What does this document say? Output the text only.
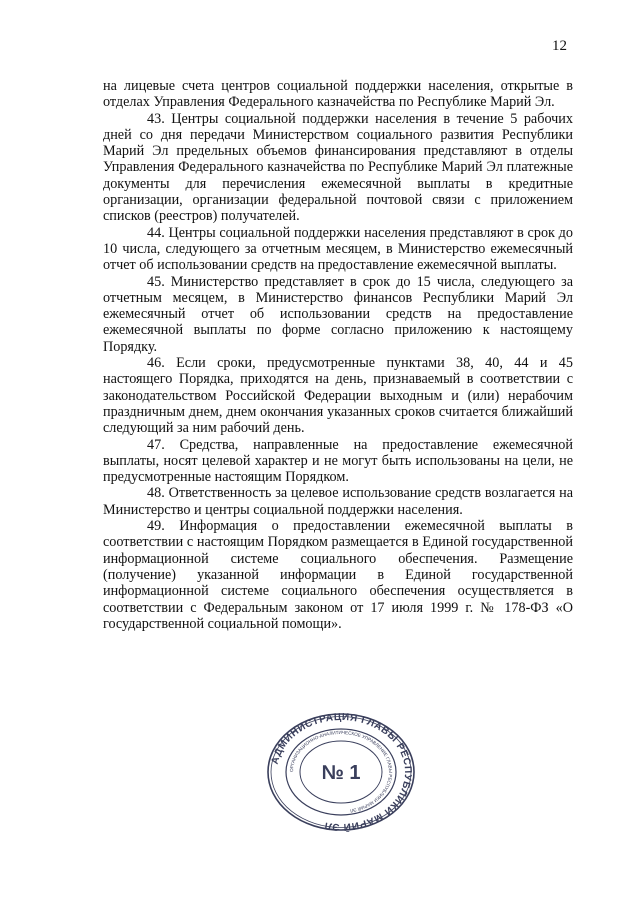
12

на лицевые счета центров социальной поддержки населения, открытые в отделах Управления Федерального казначейства по Республике Марий Эл.

43. Центры социальной поддержки населения в течение 5 рабочих дней со дня передачи Министерством социального развития Республики Марий Эл предельных объемов финансирования представляют в отделы Управления Федерального казначейства по Республике Марий Эл платежные документы для перечисления ежемесячной выплаты в кредитные организации, организации федеральной почтовой связи с приложением списков (реестров) получателей.

44. Центры социальной поддержки населения представляют в срок до 10 числа, следующего за отчетным месяцем, в Министерство ежемесячный отчет об использовании средств на предоставление ежемесячной выплаты.

45. Министерство представляет в срок до 15 числа, следующего за отчетным месяцем, в Министерство финансов Республики Марий Эл ежемесячный отчет об использовании средств на предоставление ежемесячной выплаты по форме согласно приложению к настоящему Порядку.

46. Если сроки, предусмотренные пунктами 38, 40, 44 и 45 настоящего Порядка, приходятся на день, признаваемый в соответствии с законодательством Российской Федерации выходным и (или) нерабочим праздничным днем, днем окончания указанных сроков считается ближайший следующий за ним рабочий день.

47. Средства, направленные на предоставление ежемесячной выплаты, носят целевой характер и не могут быть использованы на цели, не предусмотренные настоящим Порядком.

48. Ответственность за целевое использование средств возлагается на Министерство и центры социальной поддержки населения.

49. Информация о предоставлении ежемесячной выплаты в соответствии с настоящим Порядком размещается в Единой государственной информационной системе социального обеспечения. Размещение (получение) указанной информации в Единой государственной информационной системе социального обеспечения осуществляется в соответствии с Федеральным законом от 17 июля 1999 г. № 178-ФЗ «О государственной социальной помощи».

АДМИНИСТРАЦИЯ ГЛАВЫ РЕСПУБЛИКИ МАРИЙ ЭЛ
ОРГАНИЗАЦИОННО-АНАЛИТИЧЕСКОЕ УПРАВЛЕНИЕ ГЛАВЫ РЕСПУБЛИКИ МАРИЙ ЭЛ
№ 1
